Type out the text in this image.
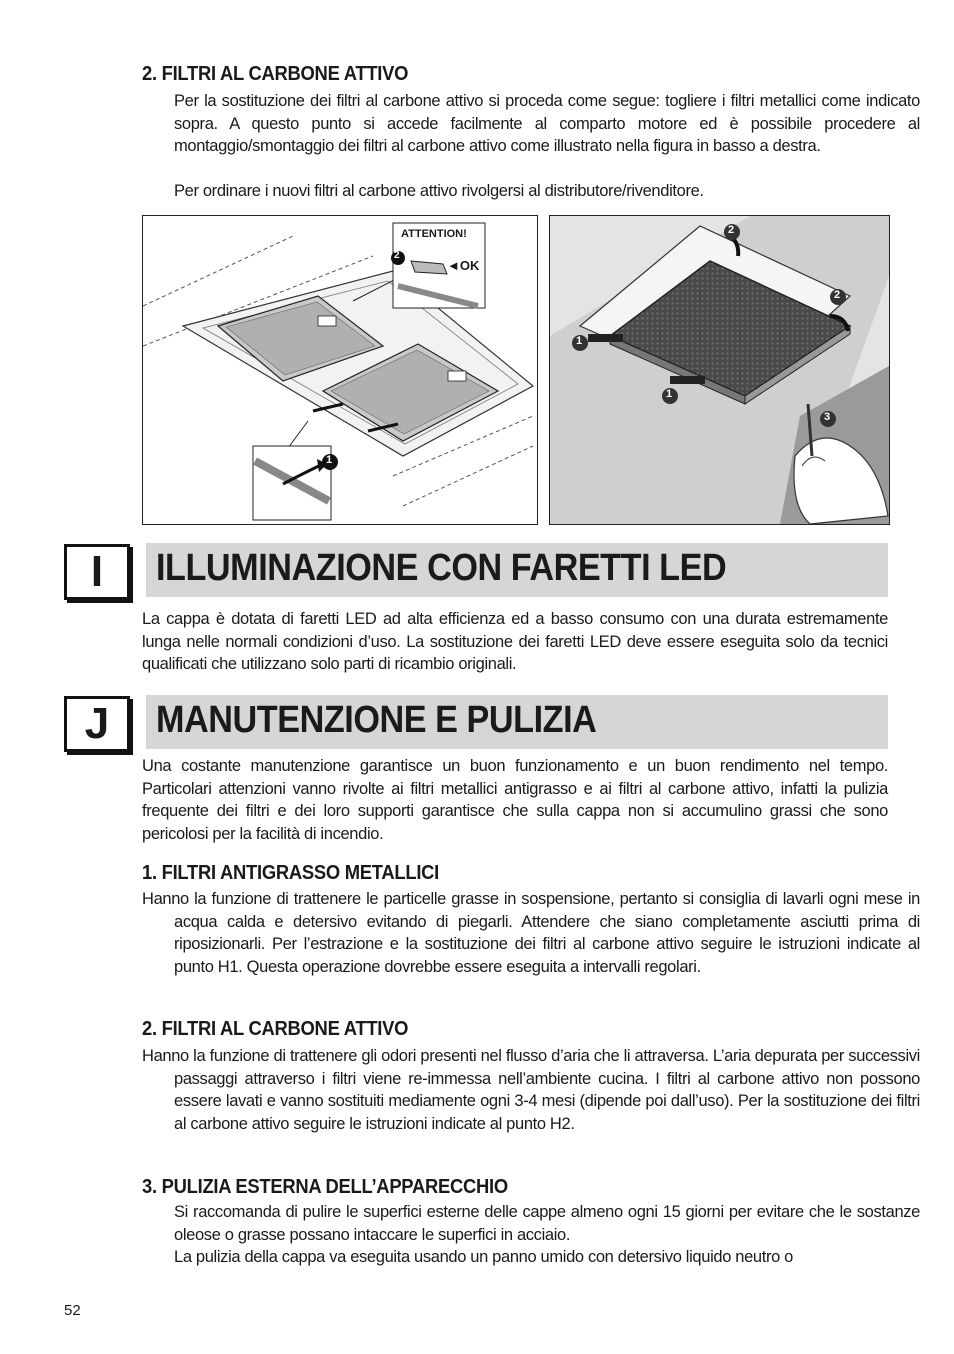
2. FILTRI AL CARBONE ATTIVO
Per la sostituzione dei filtri al carbone attivo si proceda come segue: togliere i filtri metallici come indicato sopra. A questo punto si accede facilmente al comparto motore ed è possibile procedere al montaggio/smontaggio dei filtri al carbone attivo come illustrato nella figura in basso a destra.
Per ordinare i nuovi filtri al carbone attivo rivolgersi al distributore/rivenditore.
ATTENTION!
◄OK
2
1
2
2
1
1
3
I	ILLUMINAZIONE CON FARETTI LED
La cappa è dotata di faretti LED ad alta efficienza ed a basso consumo con una durata estremamente lunga nelle normali condizioni d’uso. La sostituzione dei faretti LED deve essere eseguita solo da tecnici qualificati che utilizzano solo parti di ricambio originali.
J	MANUTENZIONE E PULIZIA
Una costante manutenzione garantisce un buon funzionamento e un buon rendimento nel tempo. Particolari attenzioni vanno rivolte ai filtri metallici antigrasso e ai filtri al carbone attivo, infatti la pulizia frequente dei filtri e dei loro supporti garantisce che sulla cappa non si accumulino grassi che sono pericolosi per la facilità di incendio.
1. FILTRI ANTIGRASSO METALLICI
Hanno la funzione di trattenere le particelle grasse in sospensione, pertanto si consiglia di lavarli ogni mese in acqua calda e detersivo evitando di piegarli. Attendere che siano completamente asciutti prima di riposizionarli. Per l’estrazione e la sostituzione dei filtri al carbone attivo seguire le istruzioni indicate al punto H1. Questa operazione dovrebbe essere eseguita a intervalli regolari.
2. FILTRI AL CARBONE ATTIVO
Hanno la funzione di trattenere gli odori presenti nel flusso d’aria che li attraversa. L’aria depurata per successivi passaggi attraverso i filtri viene re-immessa nell’ambiente cucina. I filtri al carbone attivo non possono essere lavati e vanno sostituiti mediamente ogni 3-4 mesi (dipende poi dall’uso). Per la sostituzione dei filtri al carbone attivo seguire le istruzioni indicate al punto H2.
3. PULIZIA ESTERNA DELL’APPARECCHIO
Si raccomanda di pulire le superfici esterne delle cappe almeno ogni 15 giorni per evitare che le sostanze oleose o grasse possano intaccare le superfici in acciaio.
La pulizia della cappa va eseguita usando un panno umido con detersivo liquido neutro o
52
